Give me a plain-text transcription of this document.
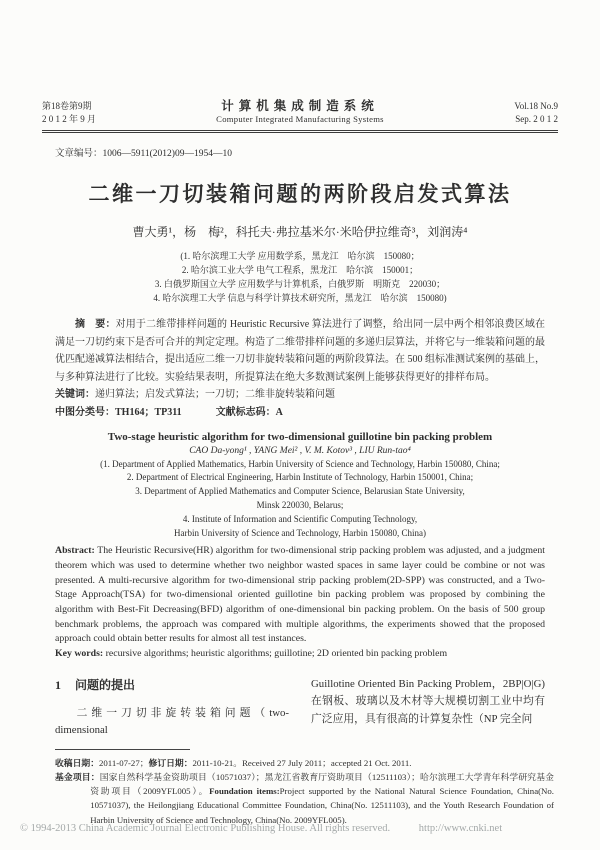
第18卷第9期
2 0 1 2 年 9 月
计算机集成制造系统
Computer Integrated Manufacturing Systems
Vol.18 No.9
Sep. 2 0 1 2
文章编号：1006—5911(2012)09—1954—10
二维一刀切装箱问题的两阶段启发式算法
曹大勇¹，杨　梅²，科托夫·弗拉基米尔·米哈伊拉维奇³，刘润涛⁴
(1. 哈尔滨理工大学 应用数学系，黑龙江　哈尔滨　150080；
2. 哈尔滨工业大学 电气工程系，黑龙江　哈尔滨　150001；
3. 白俄罗斯国立大学 应用数学与计算机系，白俄罗斯　明斯克　220030；
4. 哈尔滨理工大学 信息与科学计算技术研究所，黑龙江　哈尔滨　150080)
摘　要：对用于二维带排样问题的 Heuristic Recursive 算法进行了调整，给出同一层中两个相邻浪费区域在满足一刀切约束下是否可合并的判定定理。构造了二维带排样问题的多递归层算法，并将它与一维装箱问题的最优匹配递减算法相结合，提出适应二维一刀切非旋转装箱问题的两阶段算法。在 500 组标准测试案例的基础上，与多种算法进行了比较。实验结果表明，所提算法在绝大多数测试案例上能够获得更好的排样布局。
关键词：递归算法；启发式算法；一刀切；二维非旋转装箱问题
中图分类号：TH164；TP311	文献标志码：A
Two-stage heuristic algorithm for two-dimensional guillotine bin packing problem
CAO Da-yong¹ , YANG Mei² , V. M. Kotov³ , LIU Run-tao⁴
(1. Department of Applied Mathematics, Harbin University of Science and Technology, Harbin 150080, China;
2. Department of Electrical Engineering, Harbin Institute of Technology, Harbin 150001, China;
3. Department of Applied Mathematics and Computer Science, Belarusian State University,
Minsk 220030, Belarus;
4. Institute of Information and Scientific Computing Technology,
Harbin University of Science and Technology, Harbin 150080, China)
Abstract: The Heuristic Recursive(HR) algorithm for two-dimensional strip packing problem was adjusted, and a judgment theorem which was used to determine whether two neighbor wasted spaces in same layer could be combine or not was presented. A multi-recursive algorithm for two-dimensional strip packing problem(2D-SPP) was constructed, and a Two-Stage Approach(TSA) for two-dimensional oriented guillotine bin packing problem was proposed by combining the algorithm with Best-Fit Decreasing(BFD) algorithm of one-dimensional bin packing problem. On the basis of 500 group benchmark problems, the approach was compared with multiple algorithms, the experiments showed that the proposed approach could obtain better results for almost all test instances.
Key words: recursive algorithms; heuristic algorithms; guillotine; 2D oriented bin packing problem
1 问题的提出
二维一刀切非旋转装箱问题（two-dimensional
Guillotine Oriented Bin Packing Problem，2BP|O|G)在钢板、玻璃以及木材等大规模切割工业中均有广泛应用，具有很高的计算复杂性（NP 完全问
收稿日期：2011-07-27；修订日期：2011-10-21。Received 27 July 2011；accepted 21 Oct. 2011.
基金项目：国家自然科学基金资助项目（10571037）；黑龙江省教育厅资助项目（12511103）；哈尔滨理工大学青年科学研究基金资助项目（2009YFL005）。Foundation items:Project supported by the National Natural Science Foundation, China(No. 10571037), the Heilongjiang Educational Committee Foundation, China(No. 12511103), and the Youth Research Foundation of Harbin University of Science and Technology, China(No. 2009YFL005).
© 1994-2013 China Academic Journal Electronic Publishing House. All rights reserved.	http://www.cnki.net
